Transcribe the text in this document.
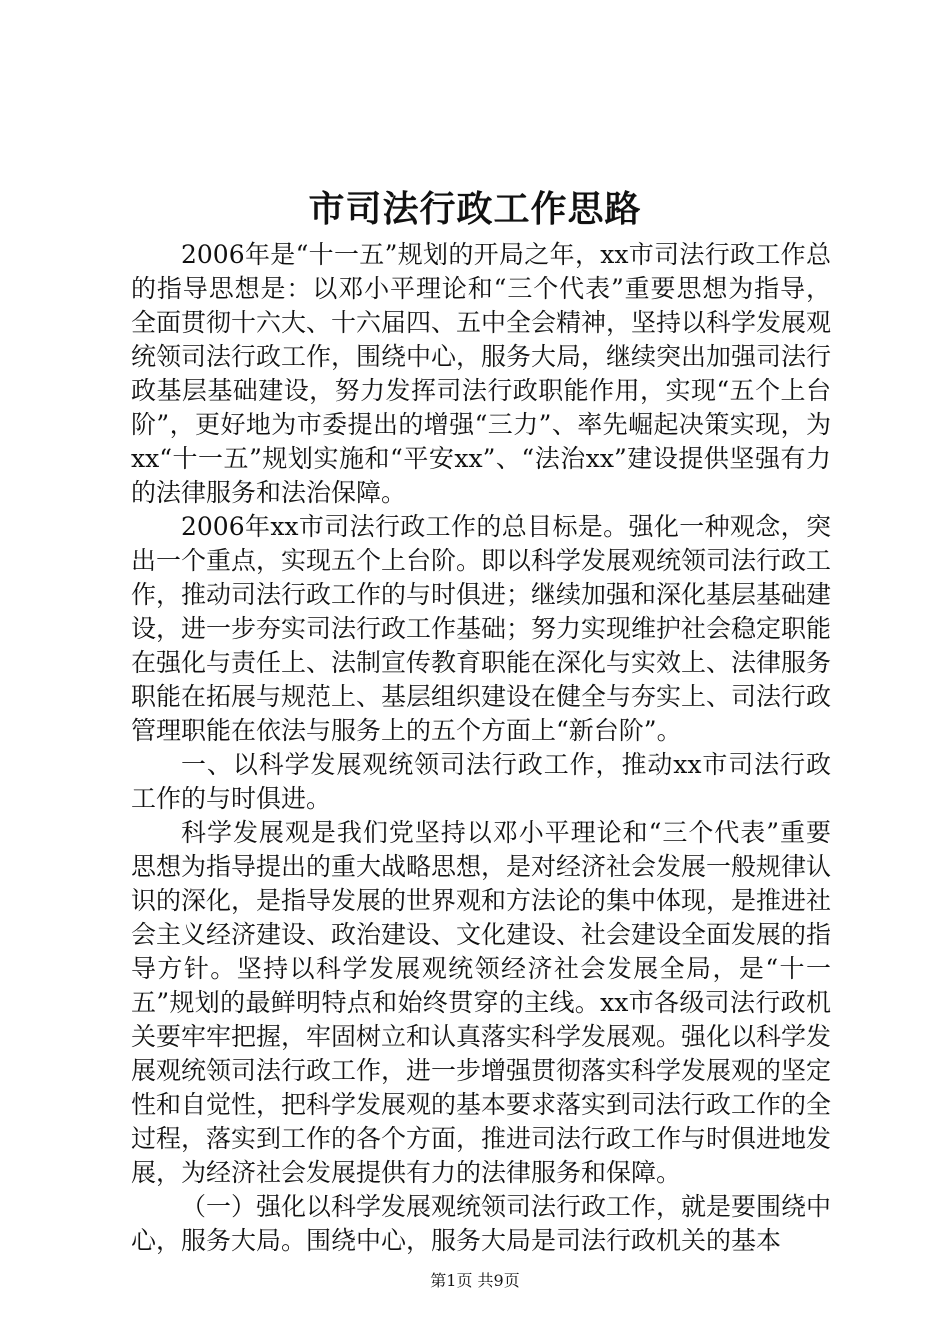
市司法行政工作思路

2006年是“十一五”规划的开局之年，xx市司法行政工作总的指导思想是：以邓小平理论和“三个代表”重要思想为指导，全面贯彻十六大、十六届四、五中全会精神，坚持以科学发展观统领司法行政工作，围绕中心，服务大局，继续突出加强司法行政基层基础建设，努力发挥司法行政职能作用，实现“五个上台阶”，更好地为市委提出的增强“三力”、率先崛起决策实现，为xx“十一五”规划实施和“平安xx”、“法治xx”建设提供坚强有力的法律服务和法治保障。

2006年xx市司法行政工作的总目标是。强化一种观念，突出一个重点，实现五个上台阶。即以科学发展观统领司法行政工作，推动司法行政工作的与时俱进；继续加强和深化基层基础建设，进一步夯实司法行政工作基础；努力实现维护社会稳定职能在强化与责任上、法制宣传教育职能在深化与实效上、法律服务职能在拓展与规范上、基层组织建设在健全与夯实上、司法行政管理职能在依法与服务上的五个方面上“新台阶”。

一、以科学发展观统领司法行政工作，推动xx市司法行政工作的与时俱进。

科学发展观是我们党坚持以邓小平理论和“三个代表”重要思想为指导提出的重大战略思想，是对经济社会发展一般规律认识的深化，是指导发展的世界观和方法论的集中体现，是推进社会主义经济建设、政治建设、文化建设、社会建设全面发展的指导方针。坚持以科学发展观统领经济社会发展全局，是“十一五”规划的最鲜明特点和始终贯穿的主线。xx市各级司法行政机关要牢牢把握，牢固树立和认真落实科学发展观。强化以科学发展观统领司法行政工作，进一步增强贯彻落实科学发展观的坚定性和自觉性，把科学发展观的基本要求落实到司法行政工作的全过程，落实到工作的各个方面，推进司法行政工作与时俱进地发展，为经济社会发展提供有力的法律服务和保障。

（一）强化以科学发展观统领司法行政工作，就是要围绕中心，服务大局。围绕中心，服务大局是司法行政机关的基本

第1页 共9页
